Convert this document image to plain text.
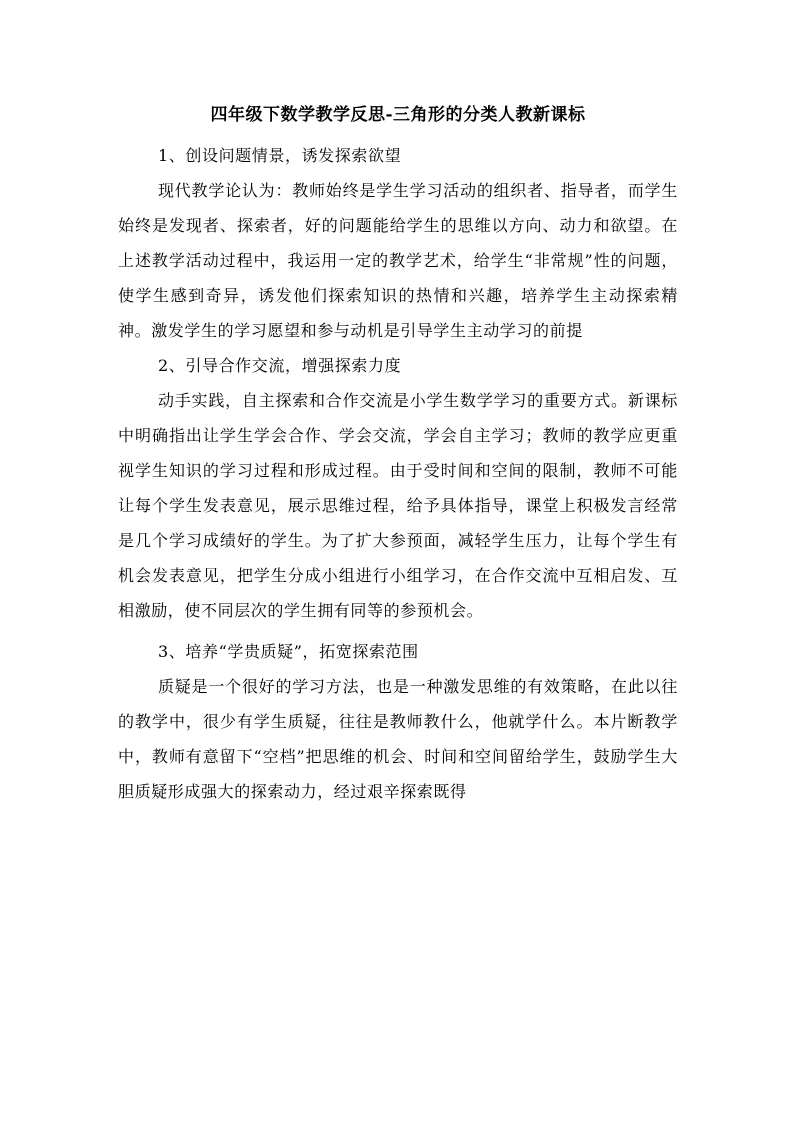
四年级下数学教学反思-三角形的分类人教新课标

1、创设问题情景，诱发探索欲望

现代教学论认为：教师始终是学生学习活动的组织者、指导者，而学生始终是发现者、探索者，好的问题能给学生的思维以方向、动力和欲望。在上述教学活动过程中，我运用一定的教学艺术，给学生“非常规”性的问题，使学生感到奇异，诱发他们探索知识的热情和兴趣，培养学生主动探索精神。激发学生的学习愿望和参与动机是引导学生主动学习的前提

2、引导合作交流，增强探索力度

动手实践，自主探索和合作交流是小学生数学学习的重要方式。新课标中明确指出让学生学会合作、学会交流，学会自主学习；教师的教学应更重视学生知识的学习过程和形成过程。由于受时间和空间的限制，教师不可能让每个学生发表意见，展示思维过程，给予具体指导，课堂上积极发言经常是几个学习成绩好的学生。为了扩大参预面，减轻学生压力，让每个学生有机会发表意见，把学生分成小组进行小组学习，在合作交流中互相启发、互相激励，使不同层次的学生拥有同等的参预机会。

3、培养“学贵质疑”，拓宽探索范围

质疑是一个很好的学习方法，也是一种激发思维的有效策略，在此以往的教学中，很少有学生质疑，往往是教师教什么，他就学什么。本片断教学中，教师有意留下“空档”把思维的机会、时间和空间留给学生，鼓励学生大胆质疑形成强大的探索动力，经过艰辛探索既得
